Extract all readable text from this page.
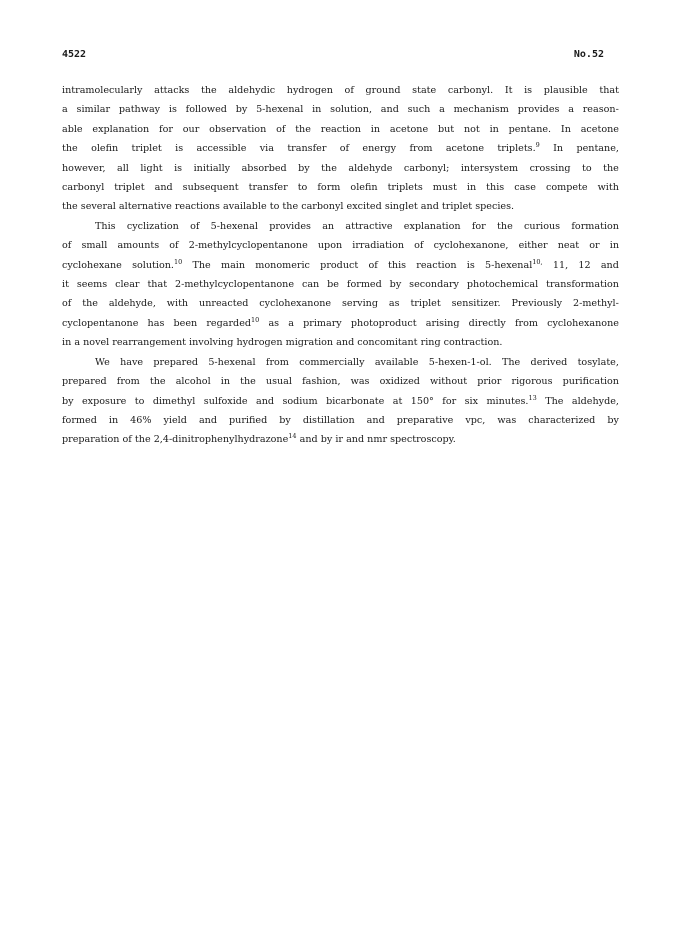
4522	No.52
intramolecularly attacks the aldehydic hydrogen of ground state carbonyl. It is plausible that
a similar pathway is followed by 5-hexenal in solution, and such a mechanism provides a reason-
able explanation for our observation of the reaction in acetone but not in pentane. In acetone
the olefin triplet is accessible via transfer of energy from acetone triplets.$^9$ In pentane,
however, all light is initially absorbed by the aldehyde carbonyl; intersystem crossing to the
carbonyl triplet and subsequent transfer to form olefin triplets must in this case compete with
the
several
alternative
reactions
available
to
the
carbonyl
excited
singlet
and
triplet
species.
This cyclization of 5-hexenal provides an attractive explanation for the curious formation
of small amounts of 2-methylcyclopentanone upon irradiation of cyclohexanone, either neat or in
cyclohexane solution.$^{10}$ The main monomeric product of this reaction is 5-hexenal$^{10,}$ 11, 12 and
it seems clear that 2-methylcyclopentanone can be formed by secondary photochemical transformation
of the aldehyde, with unreacted cyclohexanone serving as triplet sensitizer. Previously 2-methyl-
cyclopentanone has been regarded$^{10}$ as a primary photoproduct arising directly from cyclohexanone
in
a
novel
rearrangement
involving
hydrogen
migration
and
concomitant
ring
contraction.
We have prepared 5-hexenal from commercially available 5-hexen-1-ol. The derived tosylate,
prepared from the alcohol in the usual fashion, was oxidized without prior rigorous purification
by exposure to dimethyl sulfoxide and sodium bicarbonate at 150° for six minutes.$^{13}$ The aldehyde,
formed in 46% yield and purified by distillation and preparative vpc, was characterized by
preparation
of
the
2,4-dinitrophenylhydrazone$^{14}$
and
by
ir
and
nmr
spectroscopy.
